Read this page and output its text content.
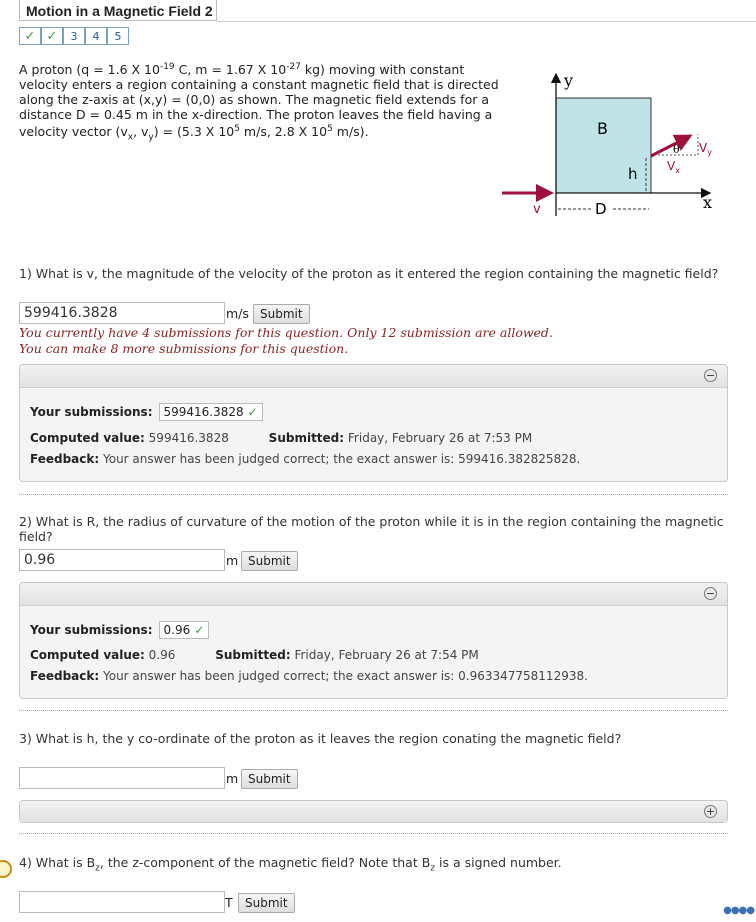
Motion in a Magnetic Field 2
✓ ✓	3	4	5
A proton (q = 1.6 X $10^{-19}$ C, m = 1.67 X $10^{-27}$ kg) moving with constant velocity enters a region containing a constant magnetic field that is directed along the z-axis at (x,y) = (0,0) as shown. The magnetic field extends for a distance D = 0.45 m in the x-direction. The proton leaves the field having a velocity vector ($v_x$, $v_y) = (5.3$ X $10^5$ m/s, 2.8 X $10^5$ m/s).
y
x
B
v	D
h
θ
$V_x$
$V_y$
1) What is v, the magnitude of the velocity of the proton as it entered the region containing the magnetic field?
599416.3828
m/s Submit
You currently have 4 submissions for this question. Only 12 submission are allowed.
You can make 8 more submissions for this question.
−
Your submissions: 599416.3828 ✓
Computed value: 599416.3828	Submitted: Friday, February 26 at 7:53 PM
Feedback: Your answer has been judged correct; the exact answer is: 599416.382825828.
2) What is R, the radius of curvature of the motion of the proton while it is in the region containing the magnetic field?
0.96
m Submit
−
Your submissions: 0.96 ✓
Computed value: 0.96	Submitted: Friday, February 26 at 7:54 PM
Feedback: Your answer has been judged correct; the exact answer is: 0.963347758112938.
3) What is h, the y co-ordinate of the proton as it leaves the region conating the magnetic field?
m Submit
+
4) What is $B_z$, the z-component of the magnetic field? Note that $B_z$ is a signed number.
T	Submit
●●●●
